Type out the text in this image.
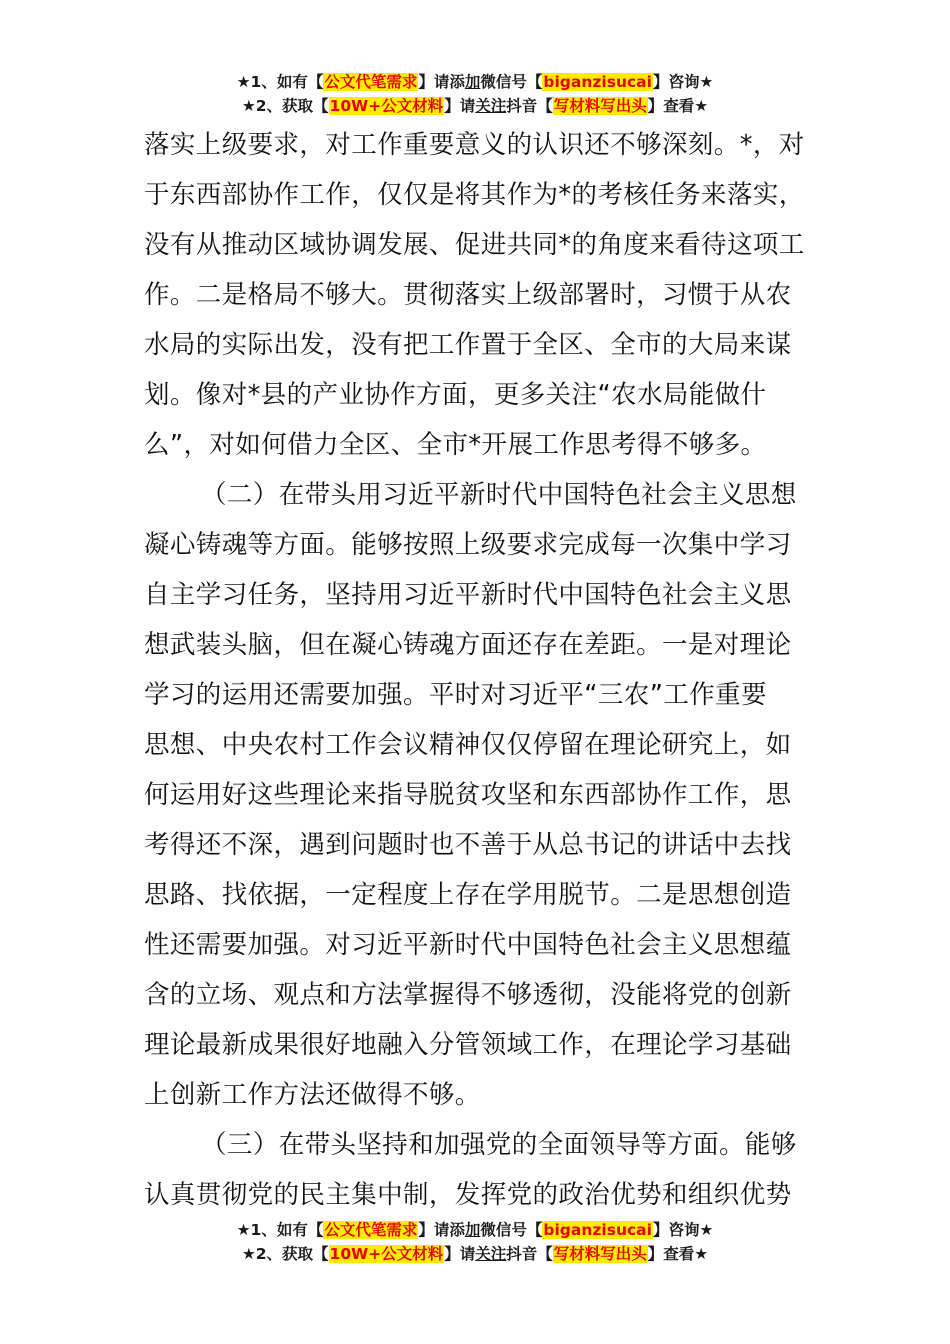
★1、如有【公文代笔需求】请添加微信号【biganzisucai】咨询★
★2、获取【10W+公文材料】请关注抖音【写材料写出头】查看★
落实上级要求，对工作重要意义的认识还不够深刻。*，对
于东西部协作工作，仅仅是将其作为*的考核任务来落实，
没有从推动区域协调发展、促进共同*的角度来看待这项工
作。二是格局不够大。贯彻落实上级部署时，习惯于从农
水局的实际出发，没有把工作置于全区、全市的大局来谋
划。像对*县的产业协作方面，更多关注“农水局能做什
么”，对如何借力全区、全市*开展工作思考得不够多。
（二）在带头用习近平新时代中国特色社会主义思想
凝心铸魂等方面。能够按照上级要求完成每一次集中学习
自主学习任务，坚持用习近平新时代中国特色社会主义思
想武装头脑，但在凝心铸魂方面还存在差距。一是对理论
学习的运用还需要加强。平时对习近平“三农”工作重要
思想、中央农村工作会议精神仅仅停留在理论研究上，如
何运用好这些理论来指导脱贫攻坚和东西部协作工作，思
考得还不深，遇到问题时也不善于从总书记的讲话中去找
思路、找依据，一定程度上存在学用脱节。二是思想创造
性还需要加强。对习近平新时代中国特色社会主义思想蕴
含的立场、观点和方法掌握得不够透彻，没能将党的创新
理论最新成果很好地融入分管领域工作，在理论学习基础
上创新工作方法还做得不够。
（三）在带头坚持和加强党的全面领导等方面。能够
认真贯彻党的民主集中制，发挥党的政治优势和组织优势
★1、如有【公文代笔需求】请添加微信号【biganzisucai】咨询★
★2、获取【10W+公文材料】请关注抖音【写材料写出头】查看★
